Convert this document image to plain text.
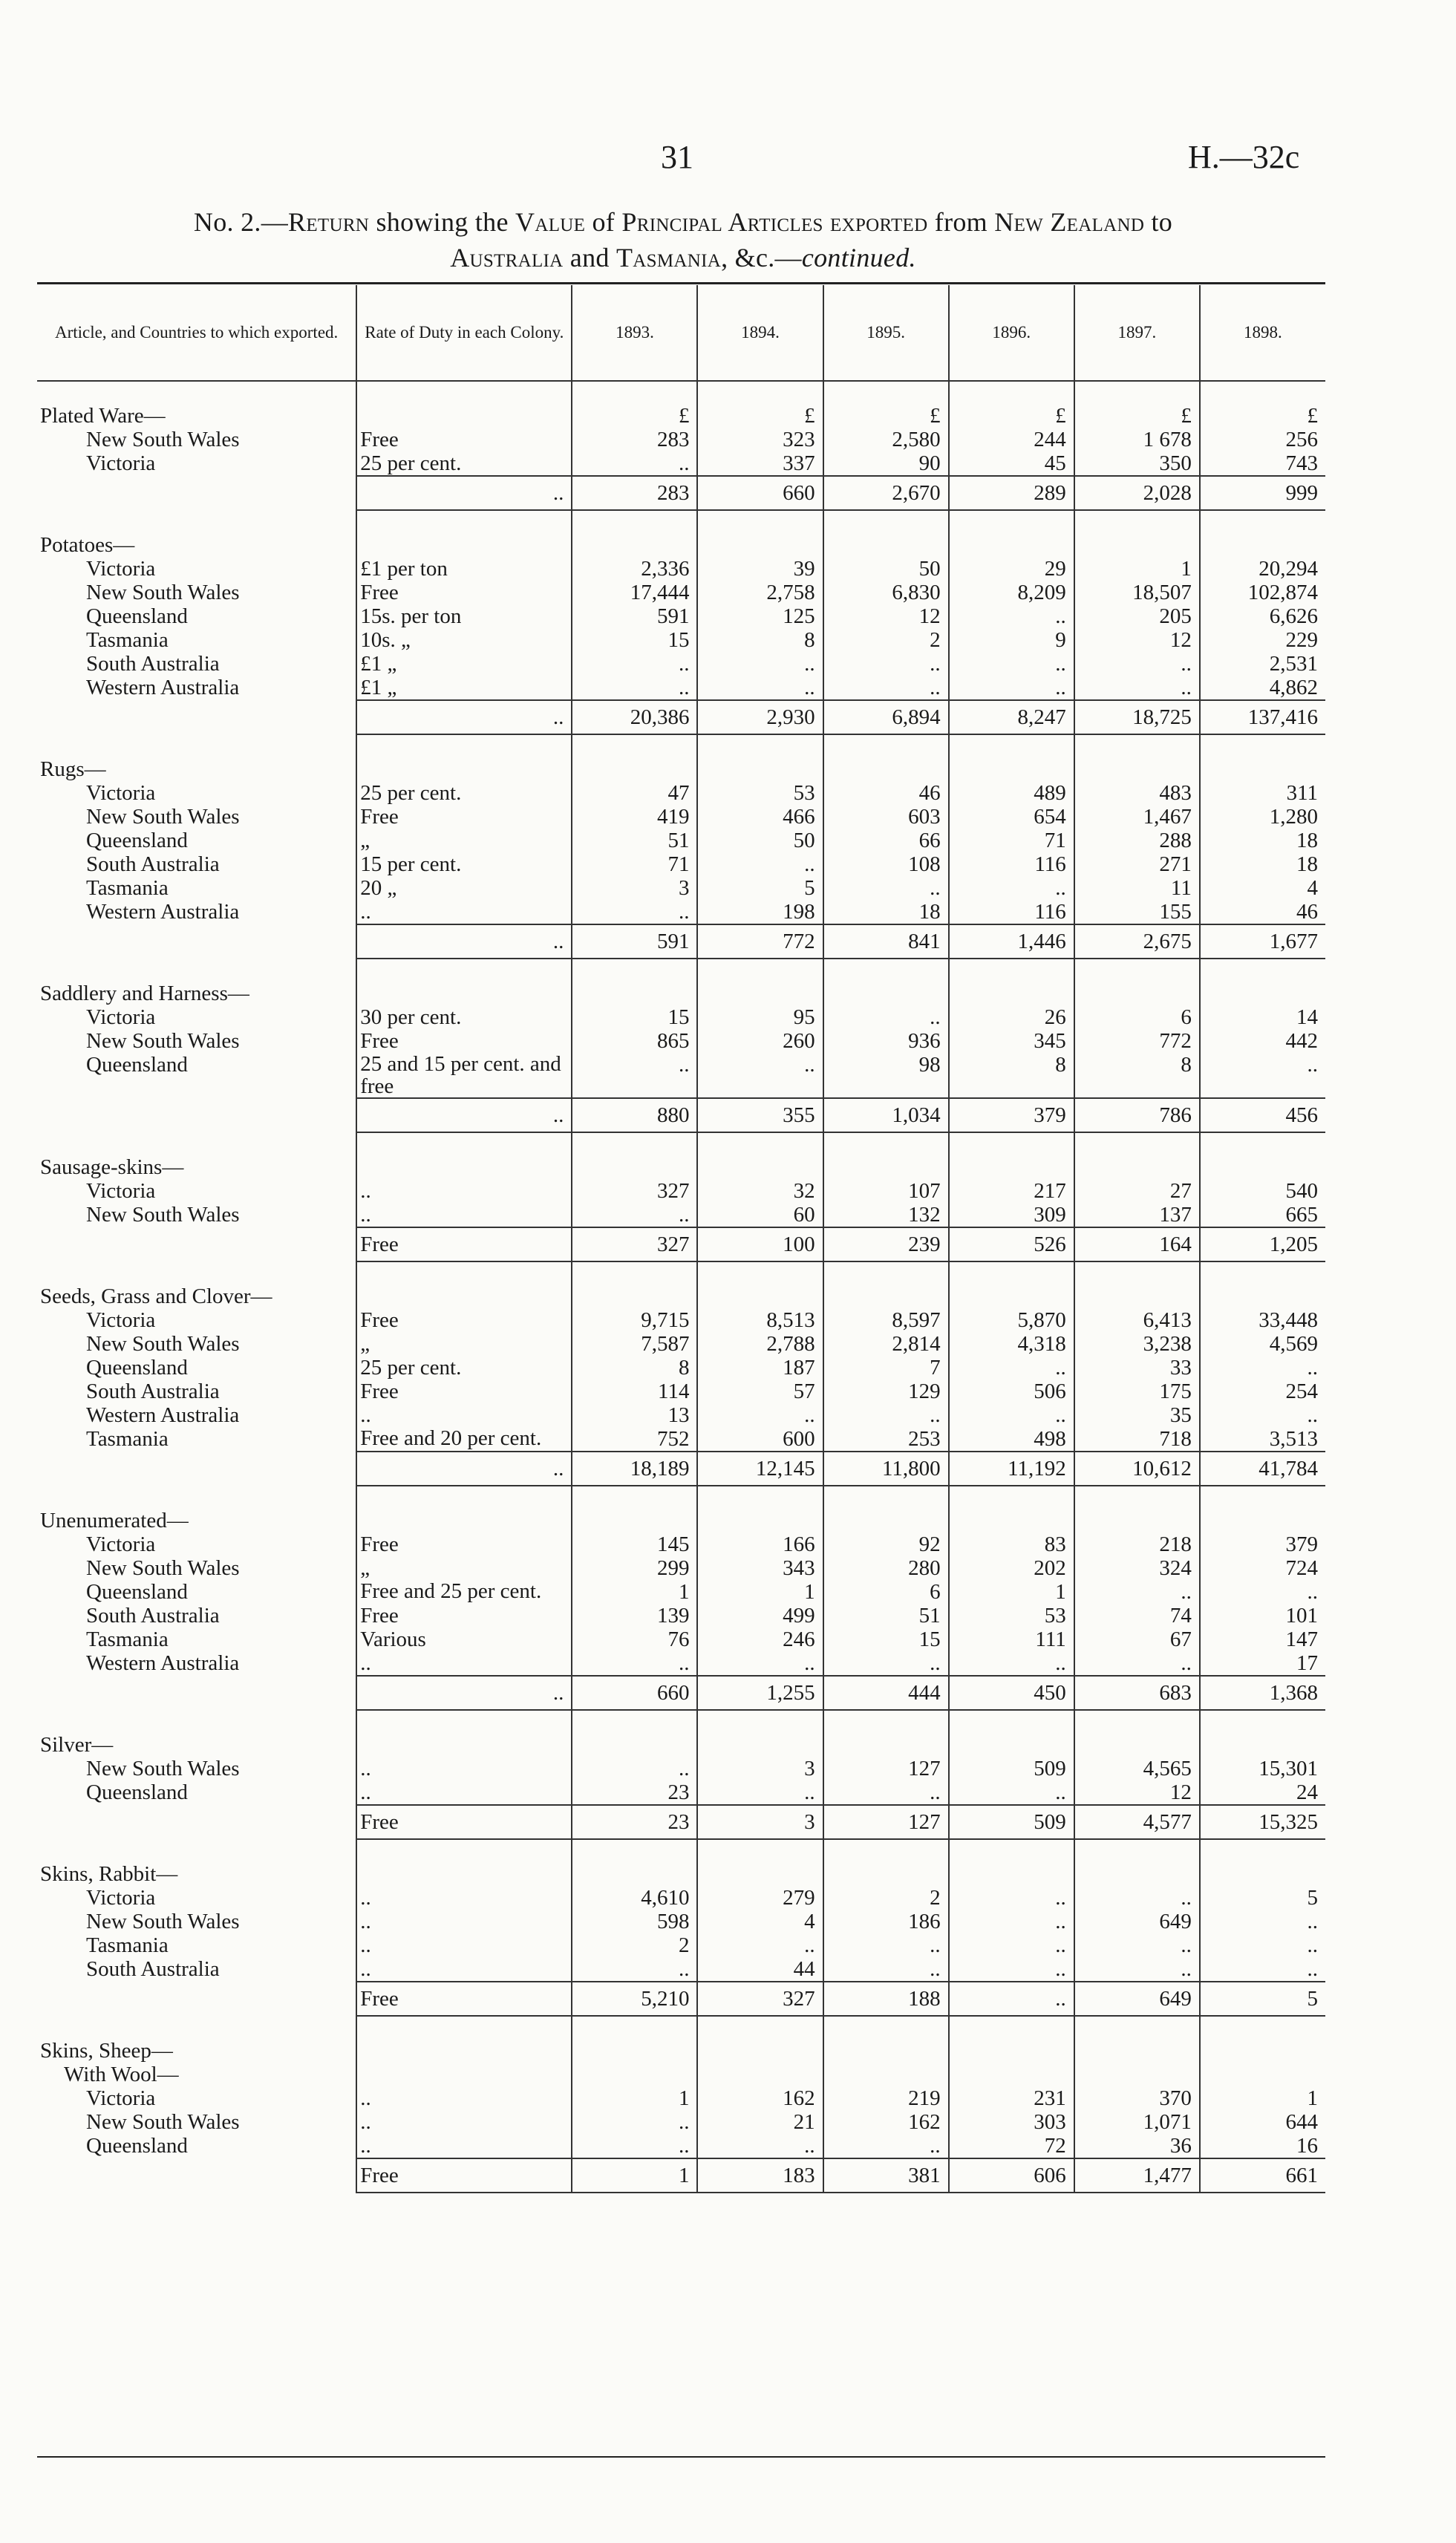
31	H.—32c
No. 2.—Return showing the Value of Principal Articles exported from New Zealand to
Australia and Tasmania, &c.—continued.
Article, and Countries to which exported.	Rate of Duty in each Colony.	1893.	1894.	1895.	1896.	1897.	1898.

Plated Ware—		£	£	£	£	£	£
New South Wales	Free	283	323	2,580	244	1 678	256
Victoria	25 per cent.	..	337	90	45	350	743
	..	283	660	2,670	289	2,028	999

Potatoes—							
Victoria	£1 per ton	2,336	39	50	29	1	20,294
New South Wales	Free	17,444	2,758	6,830	8,209	18,507	102,874
Queensland	15s. per ton	591	125	12	..	205	6,626
Tasmania	10s. „	15	8	2	9	12	229
South Australia	£1 „	..	..	..	..	..	2,531
Western Australia	£1 „	..	..	..	..	..	4,862
	..	20,386	2,930	6,894	8,247	18,725	137,416

Rugs—							
Victoria	25 per cent.	47	53	46	489	483	311
New South Wales	Free	419	466	603	654	1,467	1,280
Queensland	„	51	50	66	71	288	18
South Australia	15 per cent.	71	..	108	116	271	18
Tasmania	20 „	3	5	..	..	11	4
Western Australia	..	..	198	18	116	155	46
	..	591	772	841	1,446	2,675	1,677

Saddlery and Harness—							
Victoria	30 per cent.	15	95	..	26	6	14
New South Wales	Free	865	260	936	345	772	442
Queensland	25 and 15 per cent. and free	..	..	98	8	8	..
	..	880	355	1,034	379	786	456

Sausage-skins—							
Victoria	..	327	32	107	217	27	540
New South Wales	..	..	60	132	309	137	665
	Free	327	100	239	526	164	1,205

Seeds, Grass and Clover—							
Victoria	Free	9,715	8,513	8,597	5,870	6,413	33,448
New South Wales	„	7,587	2,788	2,814	4,318	3,238	4,569
Queensland	25 per cent.	8	187	7	..	33	..
South Australia	Free	114	57	129	506	175	254
Western Australia	..	13	..	..	..	35	..
Tasmania	Free and 20 per cent.	752	600	253	498	718	3,513
	..	18,189	12,145	11,800	11,192	10,612	41,784

Unenumerated—							
Victoria	Free	145	166	92	83	218	379
New South Wales	„	299	343	280	202	324	724
Queensland	Free and 25 per cent.	1	1	6	1	..	..
South Australia	Free	139	499	51	53	74	101
Tasmania	Various	76	246	15	111	67	147
Western Australia	..	..	..	..	..	..	17
	..	660	1,255	444	450	683	1,368

Silver—							
New South Wales	..	..	3	127	509	4,565	15,301
Queensland	..	23	..	..	..	12	24
	Free	23	3	127	509	4,577	15,325

Skins, Rabbit—							
Victoria	..	4,610	279	2	..	..	5
New South Wales	..	598	4	186	..	649	..
Tasmania	..	2	..	..	..	..	..
South Australia	..	..	44	..	..	..	..
	Free	5,210	327	188	..	649	5

Skins, Sheep—							
With Wool—							
Victoria	..	1	162	219	231	370	1
New South Wales	..	..	21	162	303	1,071	644
Queensland	..	..	..	..	72	36	16
	Free	1	183	381	606	1,477	661
